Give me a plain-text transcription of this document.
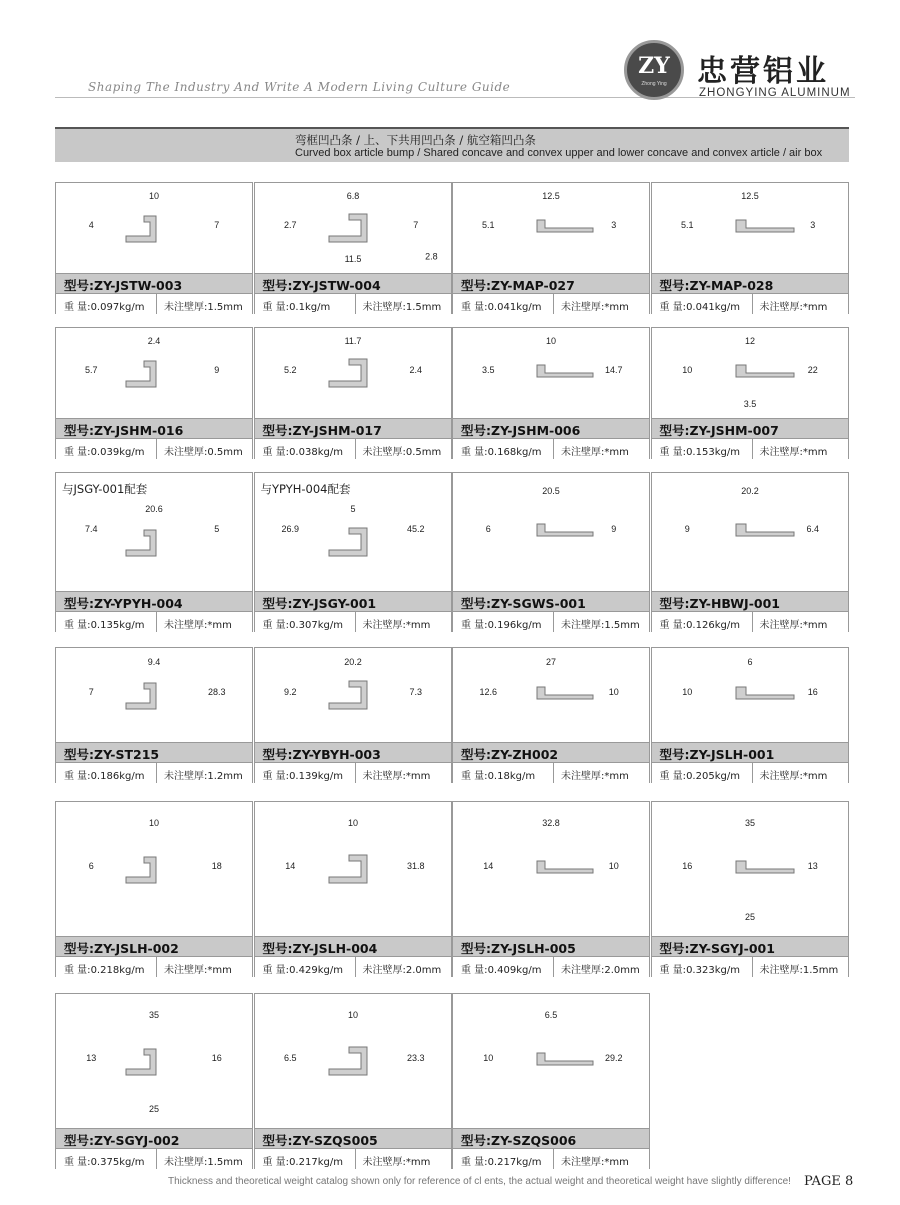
Shaping The Industry And Write A Modern Living Culture Guide
ZY
Zhong Ying	忠营铝业
ZHONGYING ALUMINUM
弯框凹凸条 / 上、下共用凹凸条 / 航空箱凹凸条
Curved box article bump / Shared concave and convex upper and lower concave and convex article / air box
10
4	7
型号:ZY-JSTW-003
重 量:0.097kg/m 未注壁厚:1.5mm
6.8
2.7	7
11.5	2.8
型号:ZY-JSTW-004
重 量:0.1kg/m	未注壁厚:1.5mm
12.5
5.1	3
型号:ZY-MAP-027
重 量:0.041kg/m 未注壁厚:*mm
12.5
5.1	3
型号:ZY-MAP-028
重 量:0.041kg/m 未注壁厚:*mm
2.4
5.7	9
型号:ZY-JSHM-016
重 量:0.039kg/m 未注壁厚:0.5mm
11.7
5.2	2.4
型号:ZY-JSHM-017
重 量:0.038kg/m 未注壁厚:0.5mm
10
3.5	14.7
型号:ZY-JSHM-006
重 量:0.168kg/m 未注壁厚:*mm
12
10	22
3.5
型号:ZY-JSHM-007
重 量:0.153kg/m 未注壁厚:*mm
20.6
7.4	5
与JSGY-001配套
型号:ZY-YPYH-004
重 量:0.135kg/m 未注壁厚:*mm
5
26.9	45.2
与YPYH-004配套
型号:ZY-JSGY-001
重 量:0.307kg/m 未注壁厚:*mm
20.5
6	9
型号:ZY-SGWS-001
重 量:0.196kg/m 未注壁厚:1.5mm
20.2
9	6.4
型号:ZY-HBWJ-001
重 量:0.126kg/m 未注壁厚:*mm
9.4
7	28.3
型号:ZY-ST215
重 量:0.186kg/m 未注壁厚:1.2mm
20.2
9.2	7.3
型号:ZY-YBYH-003
重 量:0.139kg/m 未注壁厚:*mm
27
12.6	10
型号:ZY-ZH002
重 量:0.18kg/m	未注壁厚:*mm
6
10	16
型号:ZY-JSLH-001
重 量:0.205kg/m 未注壁厚:*mm
10
6	18
型号:ZY-JSLH-002
重 量:0.218kg/m 未注壁厚:*mm
10
14	31.8
型号:ZY-JSLH-004
重 量:0.429kg/m 未注壁厚:2.0mm
32.8
14	10
型号:ZY-JSLH-005
重 量:0.409kg/m 未注壁厚:2.0mm
35
16	13
25
型号:ZY-SGYJ-001
重 量:0.323kg/m 未注壁厚:1.5mm
35
13	16
25
型号:ZY-SGYJ-002
重 量:0.375kg/m 未注壁厚:1.5mm
10
6.5	23.3
型号:ZY-SZQS005
重 量:0.217kg/m 未注壁厚:*mm
6.5
10	29.2
型号:ZY-SZQS006
重 量:0.217kg/m 未注壁厚:*mm
Thickness and theoretical weight catalog shown only for reference of cl ents, the actual weight and theoretical weight have slightly difference! PAGE 8
